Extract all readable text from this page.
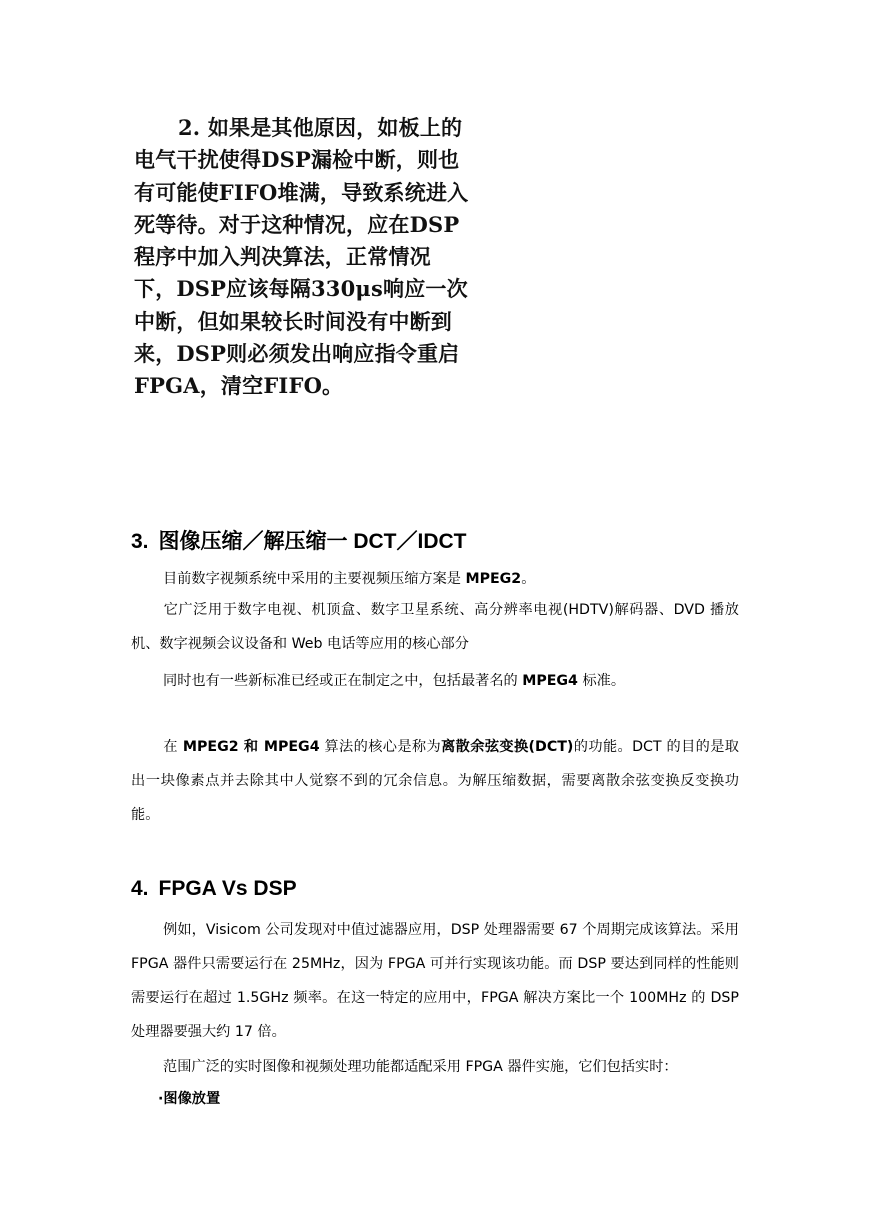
2. 如果是其他原因，如板上的
电气干扰使得DSP漏检中断，则也
有可能使FIFO堆满，导致系统进入
死等待。对于这种情况，应在DSP
程序中加入判决算法，正常情况
下，DSP应该每隔330μs响应一次
中断，但如果较长时间没有中断到
来，DSP则必须发出响应指令重启
FPGA，清空FIFO。
3. 图像压缩／解压缩一 DCT／IDCT
目前数字视频系统中采用的主要视频压缩方案是 MPEG2。
它广泛用于数字电视、机顶盒、数字卫星系统、高分辨率电视(HDTV)解码器、DVD 播放机、数字视频会议设备和 Web 电话等应用的核心部分
同时也有一些新标准已经或正在制定之中，包括最著名的 MPEG4 标准。
在 MPEG2 和 MPEG4 算法的核心是称为离散余弦变换(DCT)的功能。DCT 的目的是取出一块像素点并去除其中人觉察不到的冗余信息。为解压缩数据，需要离散余弦变换反变换功能。
4. FPGA Vs DSP
例如，Visicom 公司发现对中值过滤器应用，DSP 处理器需要 67 个周期完成该算法。采用 FPGA 器件只需要运行在 25MHz，因为 FPGA 可并行实现该功能。而 DSP 要达到同样的性能则需要运行在超过 1.5GHz 频率。在这一特定的应用中，FPGA 解决方案比一个 100MHz 的 DSP 处理器要强大约 17 倍。
范围广泛的实时图像和视频处理功能都适配采用 FPGA 器件实施，它们包括实时：
·图像放置
